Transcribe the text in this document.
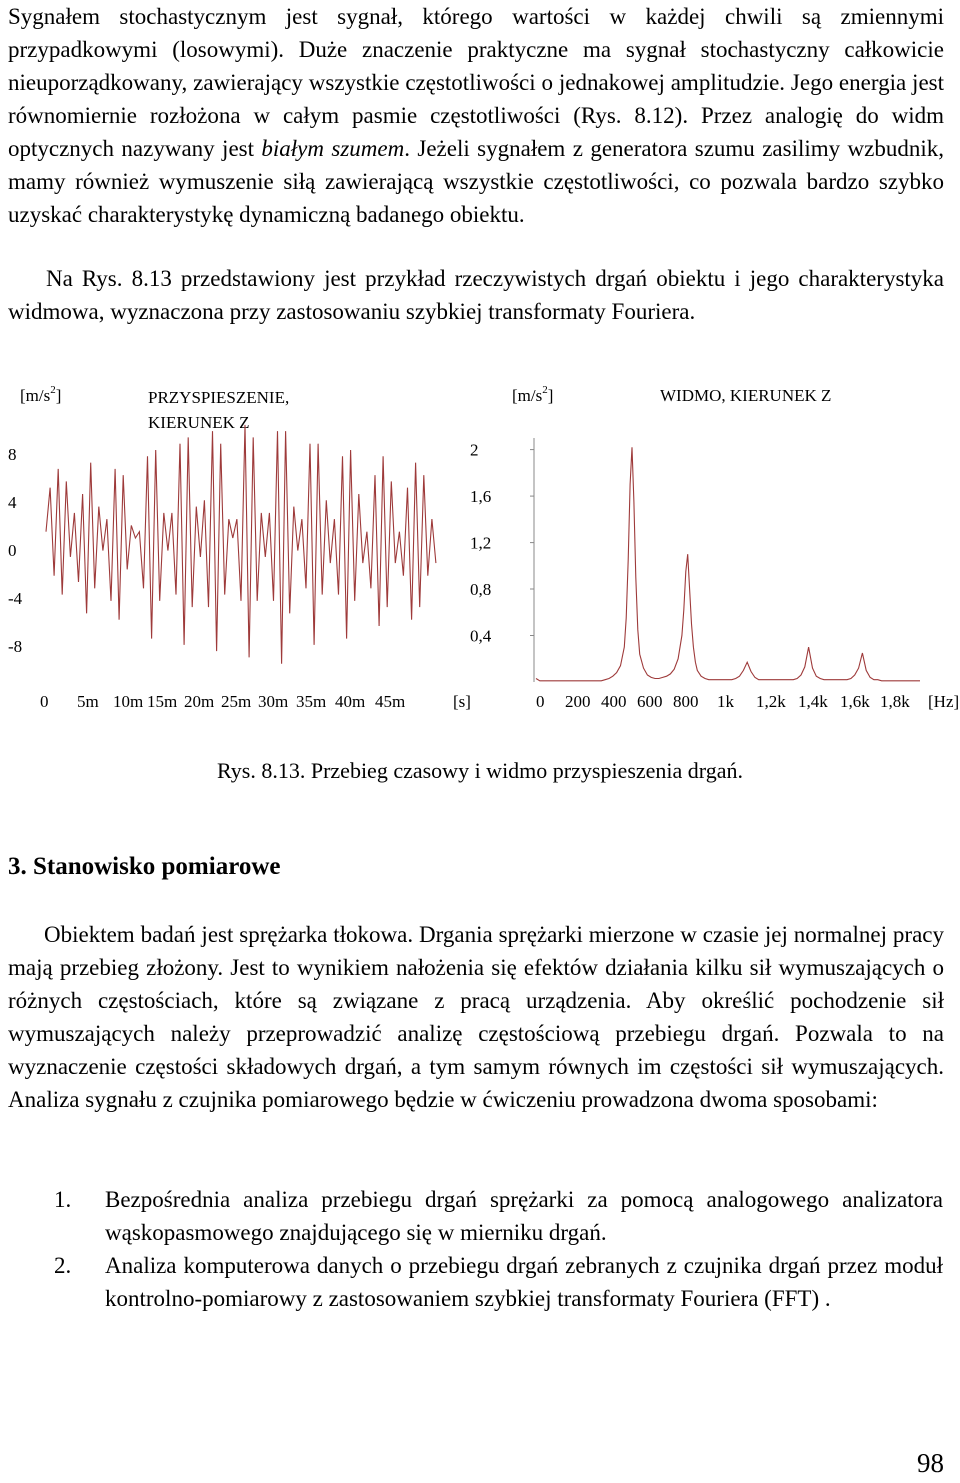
Sygnałem stochastycznym jest sygnał, którego wartości w każdej chwili są zmiennymi przypadkowymi (losowymi). Duże znaczenie praktyczne ma sygnał stochastyczny całkowicie nieuporządkowany, zawierający wszystkie częstotliwości o jednakowej amplitudzie. Jego energia jest równomiernie rozłożona w całym pasmie częstotliwości (Rys. 8.12). Przez analogię do widm optycznych nazywany jest białym szumem. Jeżeli sygnałem z generatora szumu zasilimy wzbudnik, mamy również wymuszenie siłą zawierającą wszystkie częstotliwości, co pozwala bardzo szybko uzyskać charakterystykę dynamiczną badanego obiektu.

Na Rys. 8.13 przedstawiony jest przykład rzeczywistych drgań obiektu i jego charakterystyka widmowa, wyznaczona przy zastosowaniu szybkiej transformaty Fouriera.

$[m/s^2]$	PRZYSPIESZENIE,
KIERUNEK Z
8
4
0
-4
-8
0 5m 10m 15m 20m 25m 30m 35m 40m 45m	[s]
$[m/s^2]$	WIDMO, KIERUNEK Z
2
1,6
1,2
0,8
0,4
0 200 400 600 800 1k 1,2k 1,4k 1,6k 1,8k [Hz]
Rys. 8.13. Przebieg czasowy i widmo przyspieszenia drgań.
3. Stanowisko pomiarowe

Obiektem badań jest sprężarka tłokowa. Drgania sprężarki mierzone w czasie jej normalnej pracy mają przebieg złożony. Jest to wynikiem nałożenia się efektów działania kilku sił wymuszających o różnych częstościach, które są związane z pracą urządzenia. Aby określić pochodzenie sił wymuszających należy przeprowadzić analizę częstościową przebiegu drgań. Pozwala to na wyznaczenie częstości składowych drgań, a tym samym równych im częstości sił wymuszających. Analiza sygnału z czujnika pomiarowego będzie w ćwiczeniu prowadzona dwoma sposobami:

1. Bezpośrednia analiza przebiegu drgań sprężarki za pomocą analogowego analizatora wąskopasmowego znajdującego się w mierniku drgań.
2. Analiza komputerowa danych o przebiegu drgań zebranych z czujnika drgań przez moduł kontrolno-pomiarowy z zastosowaniem szybkiej transformaty Fouriera (FFT) .
98
